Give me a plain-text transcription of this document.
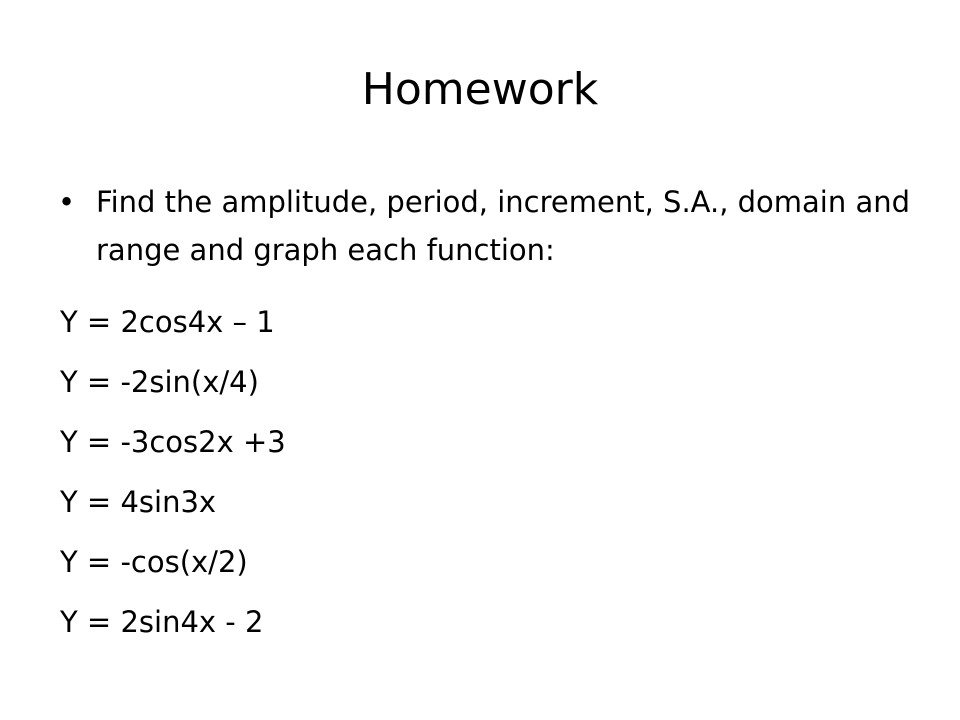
Homework
• Find the amplitude, period, increment, S.A., domain and range and graph each function:
Y = 2cos4x – 1
Y = -2sin(x/4)
Y = -3cos2x +3
Y = 4sin3x
Y = -cos(x/2)
Y = 2sin4x - 2
